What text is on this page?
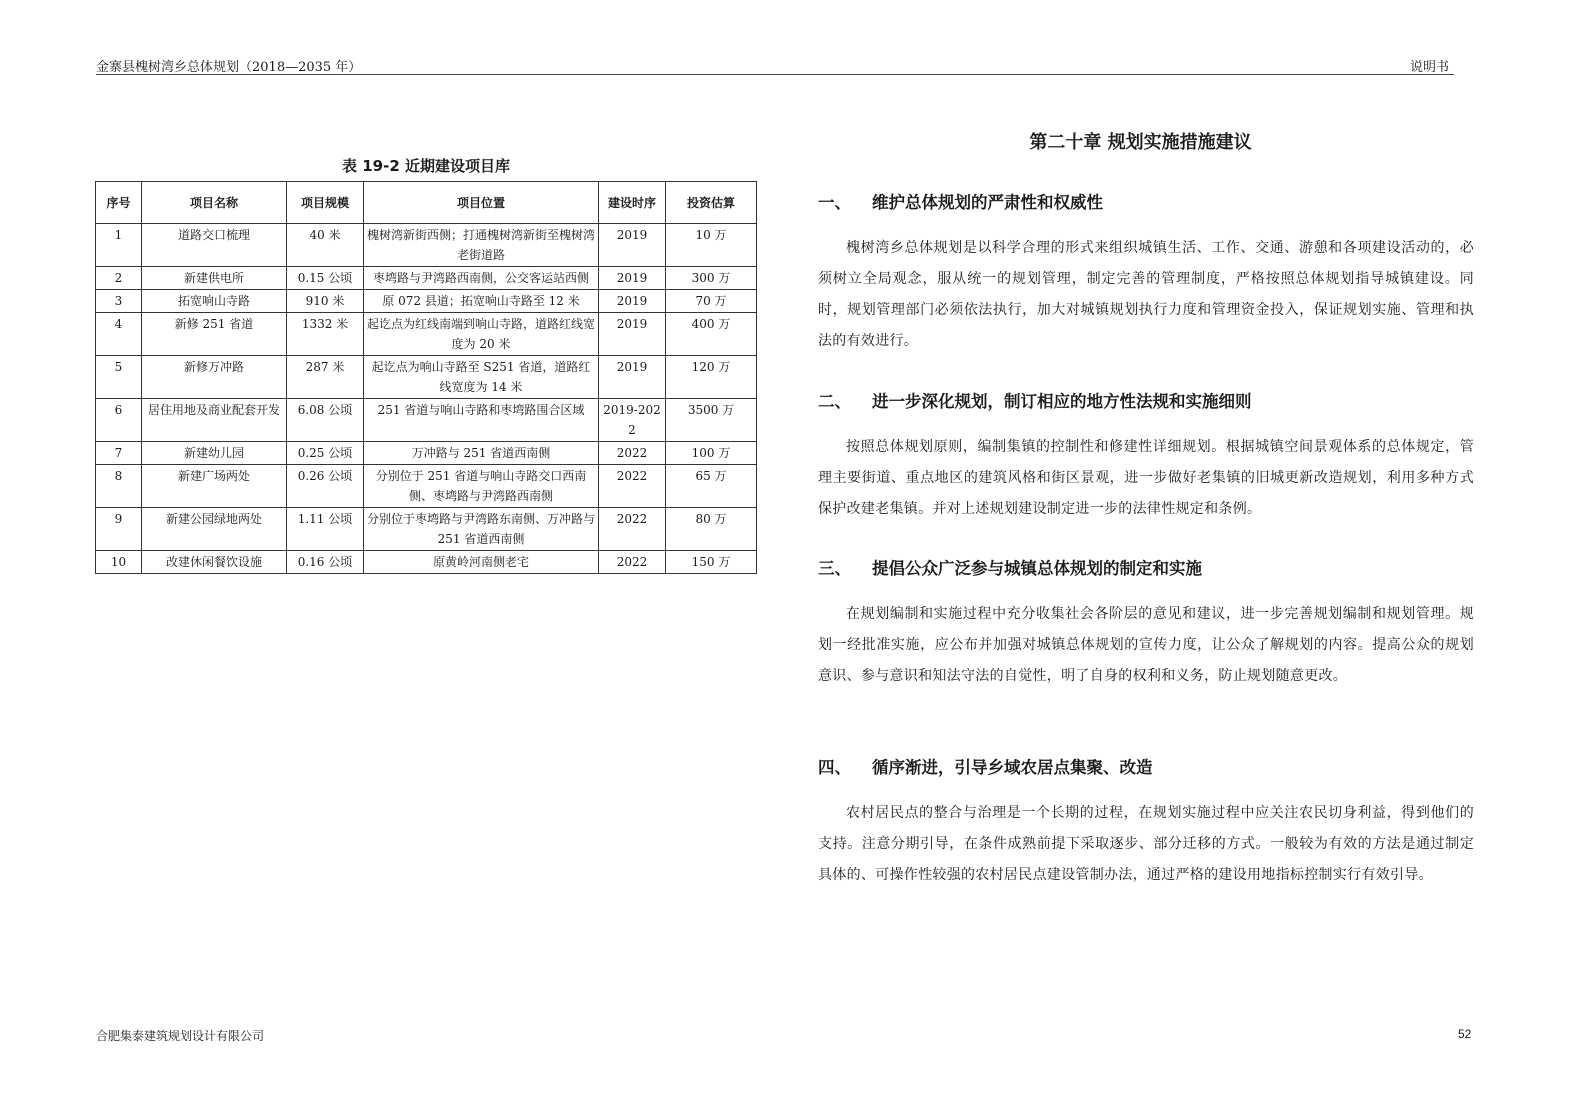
金寨县槐树湾乡总体规划（2018—2035 年）	说明书
表 19-2 近期建设项目库
序号	项目名称	项目规模	项目位置	建设时序	投资估算
1	道路交口梳理	40 米	槐树湾新街西侧；打通槐树湾新街至槐树湾老街道路	2019	10 万
2	新建供电所	0.15 公顷	枣塆路与尹湾路西南侧，公交客运站西侧	2019	300 万
3	拓宽响山寺路	910 米	原 072 县道；拓宽响山寺路至 12 米	2019	70 万
4	新修 251 省道	1332 米	起讫点为红线南端到响山寺路，道路红线宽度为 20 米	2019	400 万
5	新修万冲路	287 米	起讫点为响山寺路至 S251 省道，道路红线宽度为 14 米	2019	120 万
6	居住用地及商业配套开发	6.08 公顷	251 省道与响山寺路和枣塆路围合区域	2019-2022	3500 万
7	新建幼儿园	0.25 公顷	万冲路与 251 省道西南侧	2022	100 万
8	新建广场两处	0.26 公顷	分别位于 251 省道与响山寺路交口西南侧、枣塆路与尹湾路西南侧	2022	65 万
9	新建公园绿地两处	1.11 公顷	分别位于枣塆路与尹湾路东南侧、万冲路与 251 省道西南侧	2022	80 万
10	改建休闲餐饮设施	0.16 公顷	原黄岭河南侧老宅	2022	150 万
第二十章 规划实施措施建议
一、 维护总体规划的严肃性和权威性

槐树湾乡总体规划是以科学合理的形式来组织城镇生活、工作、交通、游憩和各项建设活动的，必须树立全局观念，服从统一的规划管理，制定完善的管理制度，严格按照总体规划指导城镇建设。同时，规划管理部门必须依法执行，加大对城镇规划执行力度和管理资金投入，保证规划实施、管理和执法的有效进行。

二、 进一步深化规划，制订相应的地方性法规和实施细则

按照总体规划原则，编制集镇的控制性和修建性详细规划。根据城镇空间景观体系的总体规定，管理主要街道、重点地区的建筑风格和街区景观，进一步做好老集镇的旧城更新改造规划，利用多种方式保护改建老集镇。并对上述规划建设制定进一步的法律性规定和条例。

三、 提倡公众广泛参与城镇总体规划的制定和实施

在规划编制和实施过程中充分收集社会各阶层的意见和建议，进一步完善规划编制和规划管理。规划一经批准实施，应公布并加强对城镇总体规划的宣传力度，让公众了解规划的内容。提高公众的规划意识、参与意识和知法守法的自觉性，明了自身的权利和义务，防止规划随意更改。

四、 循序渐进，引导乡域农居点集聚、改造

农村居民点的整合与治理是一个长期的过程，在规划实施过程中应关注农民切身利益，得到他们的支持。注意分期引导，在条件成熟前提下采取逐步、部分迁移的方式。一般较为有效的方法是通过制定具体的、可操作性较强的农村居民点建设管制办法，通过严格的建设用地指标控制实行有效引导。

合肥集泰建筑规划设计有限公司	52
